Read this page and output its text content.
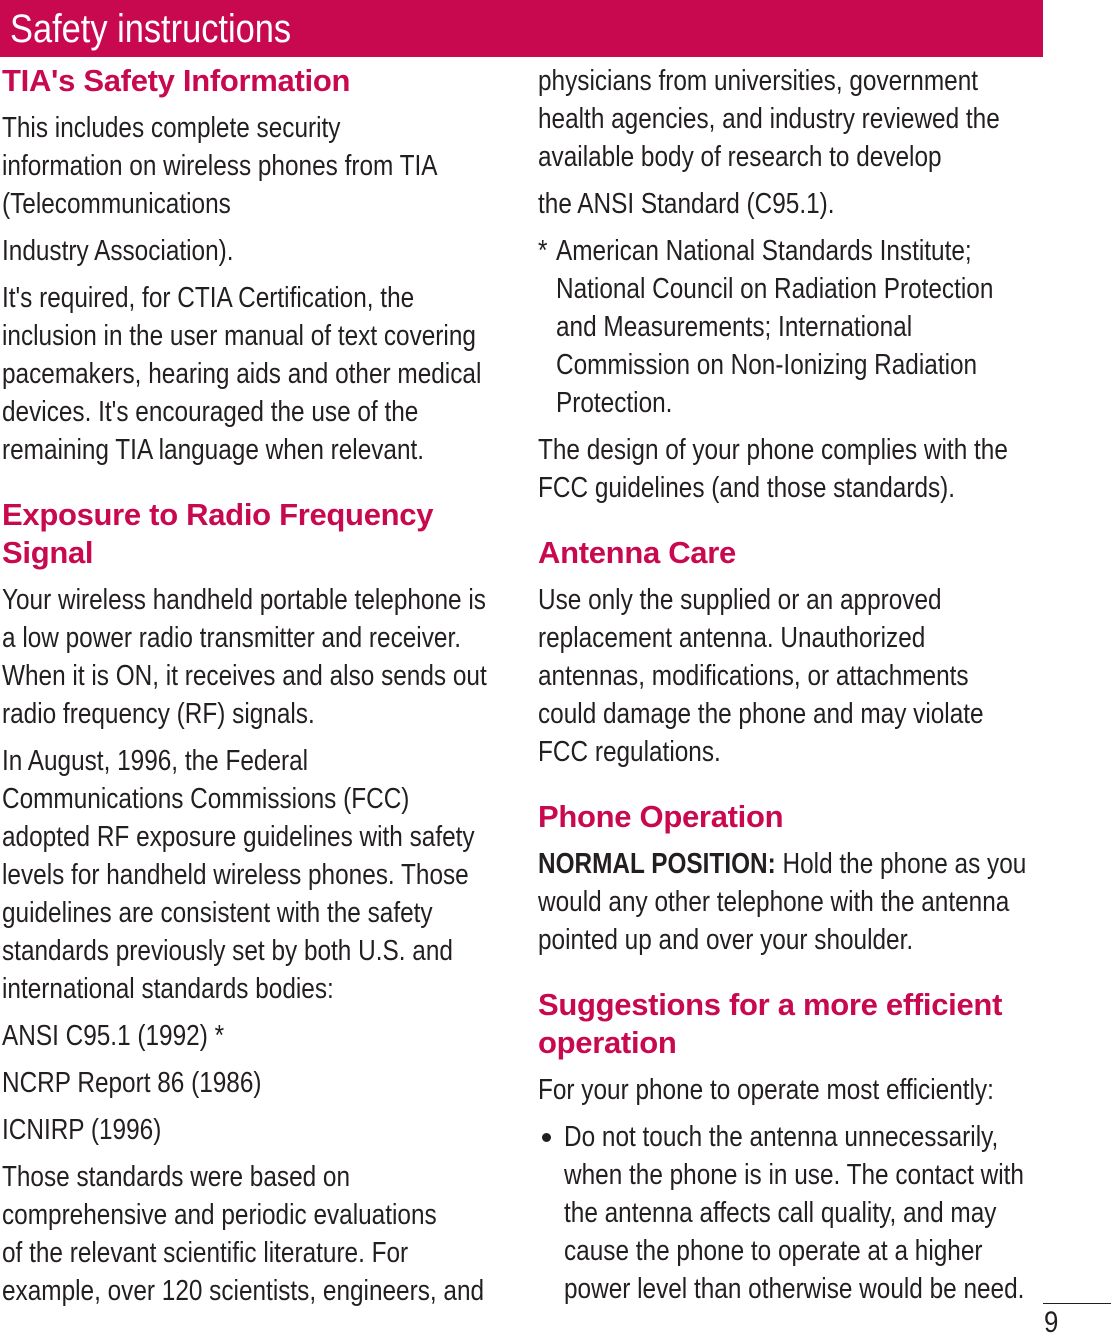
Safety instructions
TIA's Safety Information
This includes complete security
information on wireless phones from TIA
(Telecommunications
Industry Association).
It's required, for CTIA Certification, the
inclusion in the user manual of text covering
pacemakers, hearing aids and other medical
devices. It's encouraged the use of the
remaining TIA language when relevant.
Exposure to Radio Frequency
Signal
Your wireless handheld portable telephone is
a low power radio transmitter and receiver.
When it is ON, it receives and also sends out
radio frequency (RF) signals.
In August, 1996, the Federal
Communications Commissions (FCC)
adopted RF exposure guidelines with safety
levels for handheld wireless phones. Those
guidelines are consistent with the safety
standards previously set by both U.S. and
international standards bodies:
ANSI C95.1 (1992) *
NCRP Report 86 (1986)
ICNIRP (1996)
Those standards were based on
comprehensive and periodic evaluations
of the relevant scientific literature. For
example, over 120 scientists, engineers, and
physicians from universities, government
health agencies, and industry reviewed the
available body of research to develop
the ANSI Standard (C95.1).
* American National Standards Institute;
National Council on Radiation Protection
and Measurements; International
Commission on Non-Ionizing Radiation
Protection.
The design of your phone complies with the
FCC guidelines (and those standards).
Antenna Care
Use only the supplied or an approved
replacement antenna. Unauthorized
antennas, modifications, or attachments
could damage the phone and may violate
FCC regulations.
Phone Operation
NORMAL POSITION: Hold the phone as you
would any other telephone with the antenna
pointed up and over your shoulder.
Suggestions for a more efficient
operation
For your phone to operate most efficiently:
Do not touch the antenna unnecessarily,
when the phone is in use. The contact with
the antenna affects call quality, and may
cause the phone to operate at a higher
power level than otherwise would be need.
9
